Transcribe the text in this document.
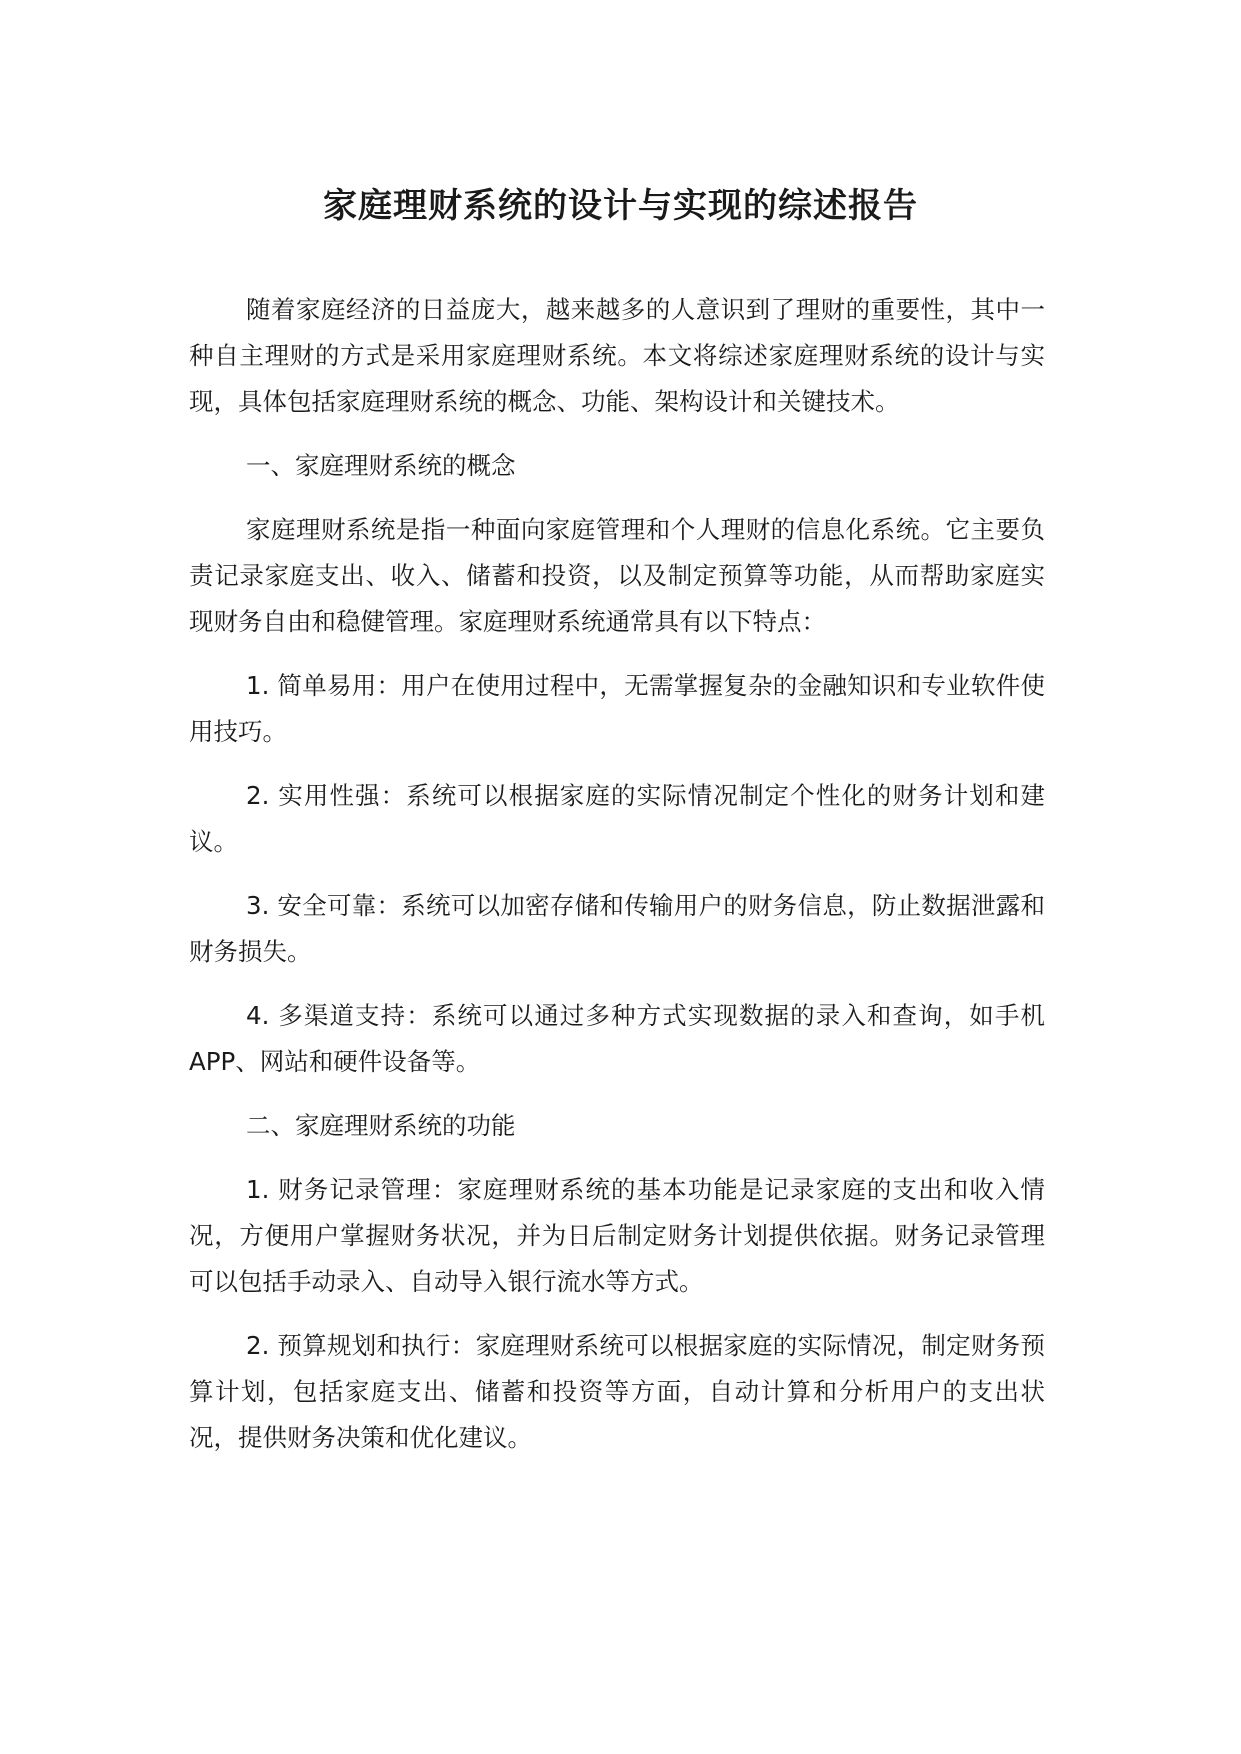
家庭理财系统的设计与实现的综述报告

随着家庭经济的日益庞大，越来越多的人意识到了理财的重要性，其中一种自主理财的方式是采用家庭理财系统。本文将综述家庭理财系统的设计与实现，具体包括家庭理财系统的概念、功能、架构设计和关键技术。

一、家庭理财系统的概念

家庭理财系统是指一种面向家庭管理和个人理财的信息化系统。它主要负责记录家庭支出、收入、储蓄和投资，以及制定预算等功能，从而帮助家庭实现财务自由和稳健管理。家庭理财系统通常具有以下特点：

1. 简单易用：用户在使用过程中，无需掌握复杂的金融知识和专业软件使用技巧。

2. 实用性强：系统可以根据家庭的实际情况制定个性化的财务计划和建议。

3. 安全可靠：系统可以加密存储和传输用户的财务信息，防止数据泄露和财务损失。

4. 多渠道支持：系统可以通过多种方式实现数据的录入和查询，如手机 APP、网站和硬件设备等。

二、家庭理财系统的功能

1. 财务记录管理：家庭理财系统的基本功能是记录家庭的支出和收入情况，方便用户掌握财务状况，并为日后制定财务计划提供依据。财务记录管理可以包括手动录入、自动导入银行流水等方式。

2. 预算规划和执行：家庭理财系统可以根据家庭的实际情况，制定财务预算计划，包括家庭支出、储蓄和投资等方面，自动计算和分析用户的支出状况，提供财务决策和优化建议。
